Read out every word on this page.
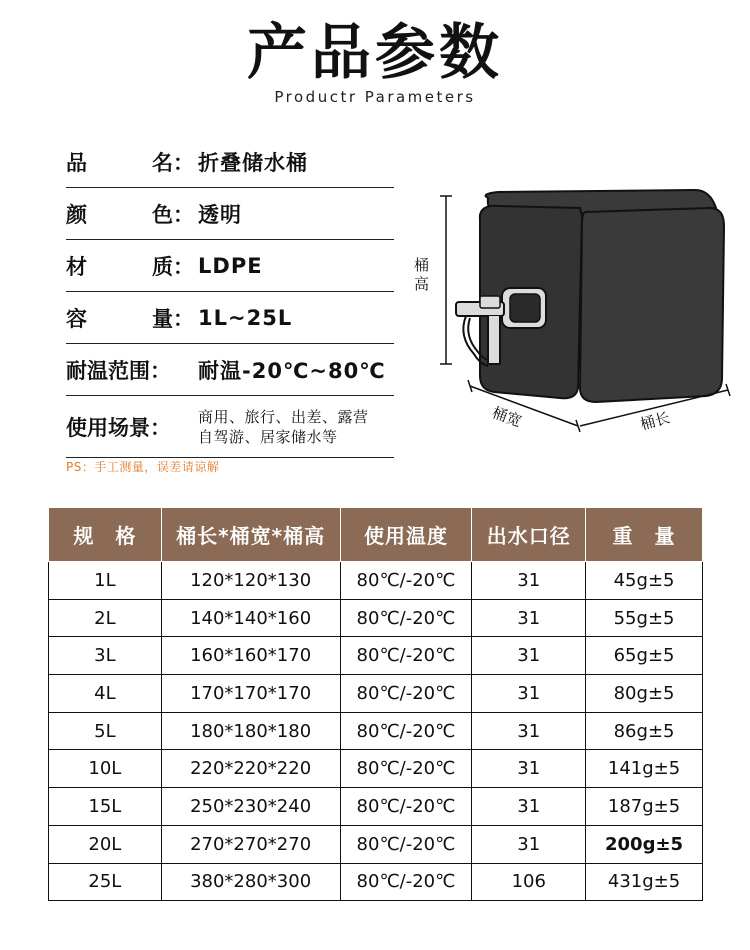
产品参数
Productr Parameters
品	名： 折叠储水桶
颜	色： 透明
材	质： LDPE
容	量： 1L~25L
耐温范围： 耐温-20℃~80℃
使用场景： 商用、旅行、出差、露营
自驾游、居家储水等
PS：手工测量，误差请谅解
桶高
桶宽	桶长
规　格	桶长*桶宽*桶高	使用温度	出水口径	重　量
1L	120*120*130	80℃/-20℃	31	45g±5
2L	140*140*160	80℃/-20℃	31	55g±5
3L	160*160*170	80℃/-20℃	31	65g±5
4L	170*170*170	80℃/-20℃	31	80g±5
5L	180*180*180	80℃/-20℃	31	86g±5
10L	220*220*220	80℃/-20℃	31	141g±5
15L	250*230*240	80℃/-20℃	31	187g±5
20L	270*270*270	80℃/-20℃	31	200g±5
25L	380*280*300	80℃/-20℃	106	431g±5
